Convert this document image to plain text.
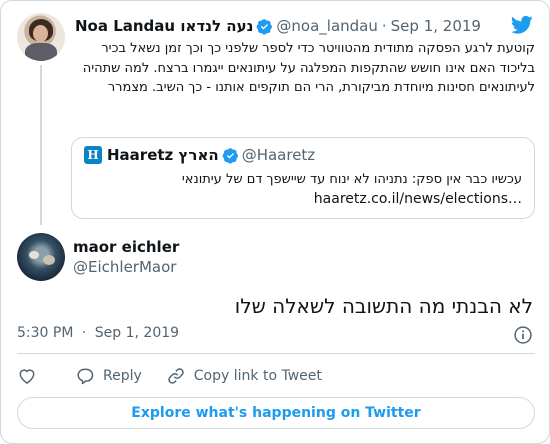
Noa Landau נעה לנדאו @noa_landau · Sep 1, 2019
קוטעת לרגע הפסקה מתודית מהטוויטר כדי לספר שלפני כך וכך זמן נשאל בכיר בליכוד האם אינו חושש שהתקפות המפלגה על עיתונאים ייגמרו ברצח. למה שתהיה לעיתונאים חסינות מיוחדת מביקורת, הרי הם תוקפים אותנו - כך השיב. מצמרר
H Haaretz הארץ @Haaretz
עכשיו כבר אין ספק: נתניהו לא ינוח עד שיישפך דם של עיתונאי
haaretz.co.il/news/elections…
maor eichler
@EichlerMaor
לא הבנתי מה התשובה לשאלה שלו
5:30 PM · Sep 1, 2019
Reply	Copy link to Tweet
Explore what's happening on Twitter
